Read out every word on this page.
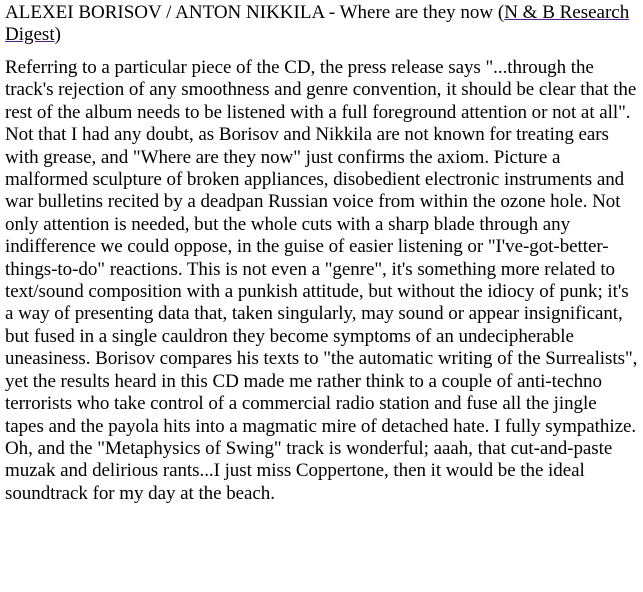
ALEXEI BORISOV / ANTON NIKKILA - Where are they now (N & B Research Digest)

Referring to a particular piece of the CD, the press release says "...through the track's rejection of any smoothness and genre convention, it should be clear that the rest of the album needs to be listened with a full foreground attention or not at all". Not that I had any doubt, as Borisov and Nikkila are not known for treating ears with grease, and "Where are they now" just confirms the axiom. Picture a malformed sculpture of broken appliances, disobedient electronic instruments and war bulletins recited by a deadpan Russian voice from within the ozone hole. Not only attention is needed, but the whole cuts with a sharp blade through any indifference we could oppose, in the guise of easier listening or "I've-got-better-things-to-do" reactions. This is not even a "genre", it's something more related to text/sound composition with a punkish attitude, but without the idiocy of punk; it's a way of presenting data that, taken singularly, may sound or appear insignificant, but fused in a single cauldron they become symptoms of an undecipherable uneasiness. Borisov compares his texts to "the automatic writing of the Surrealists", yet the results heard in this CD made me rather think to a couple of anti-techno terrorists who take control of a commercial radio station and fuse all the jingle tapes and the payola hits into a magmatic mire of detached hate. I fully sympathize. Oh, and the "Metaphysics of Swing" track is wonderful; aaah, that cut-and-paste muzak and delirious rants...I just miss Coppertone, then it would be the ideal soundtrack for my day at the beach.
